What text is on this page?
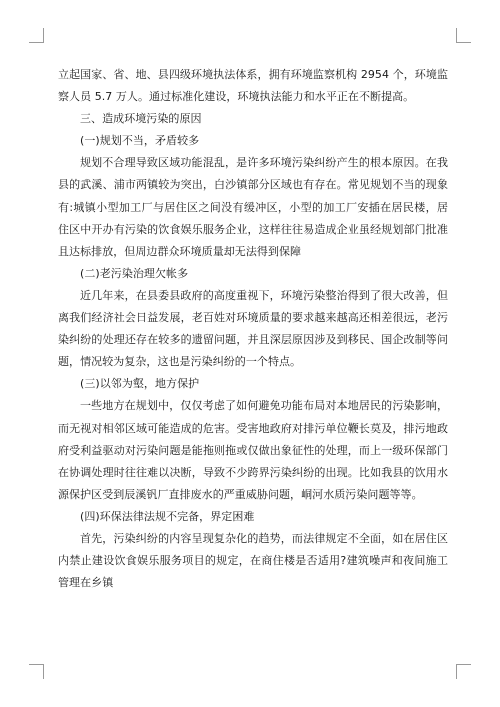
立起国家、省、地、县四级环境执法体系，拥有环境监察机构 2954 个，环境监察人员 5.7 万人。通过标准化建设，环境执法能力和水平正在不断提高。

三、造成环境污染的原因

(一)规划不当，矛盾较多

规划不合理导致区域功能混乱，是许多环境污染纠纷产生的根本原因。在我县的武溪、浦市两镇较为突出，白沙镇部分区域也有存在。常见规划不当的现象有:城镇小型加工厂与居住区之间没有缓冲区，小型的加工厂安插在居民楼，居住区中开办有污染的饮食娱乐服务企业，这样往往易造成企业虽经规划部门批准且达标排放，但周边群众环境质量却无法得到保障

(二)老污染治理欠帐多

近几年来，在县委县政府的高度重视下，环境污染整治得到了很大改善，但离我们经济社会日益发展，老百姓对环境质量的要求越来越高还相差很远，老污染纠纷的处理还存在较多的遗留问题，并且深层原因涉及到移民、国企改制等问题，情况较为复杂，这也是污染纠纷的一个特点。

(三)以邻为壑，地方保护

一些地方在规划中，仅仅考虑了如何避免功能布局对本地居民的污染影响，而无视对相邻区域可能造成的危害。受害地政府对排污单位鞭长莫及，排污地政府受利益驱动对污染问题是能拖则拖或仅做出象征性的处理，而上一级环保部门在协调处理时往往难以决断，导致不少跨界污染纠纷的出现。比如我县的饮用水源保护区受到辰溪钒厂直排废水的严重威胁问题，峒河水质污染问题等等。

(四)环保法律法规不完备，界定困难

首先，污染纠纷的内容呈现复杂化的趋势，而法律规定不全面，如在居住区内禁止建设饮食娱乐服务项目的规定，在商住楼是否适用?建筑噪声和夜间施工管理在乡镇
